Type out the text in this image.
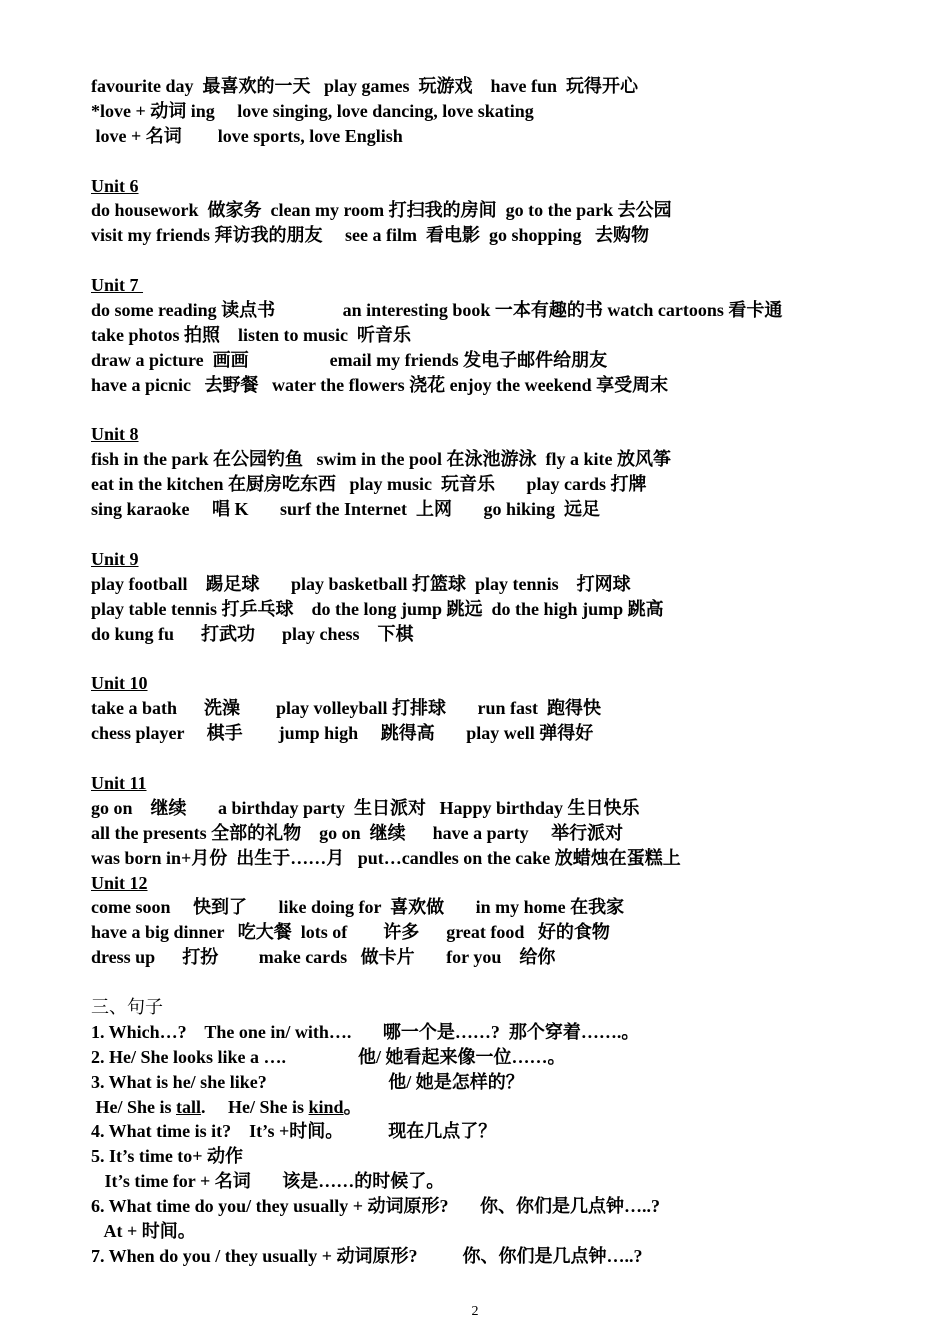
favourite day  最喜欢的一天   play games  玩游戏    have fun  玩得开心
*love + 动词 ing     love singing, love dancing, love skating
love + 名词        love sports, love English
Unit 6
do housework  做家务  clean my room 打扫我的房间  go to the park 去公园
visit my friends 拜访我的朋友     see a film  看电影  go shopping   去购物
Unit 7
do some reading 读点书               an interesting book 一本有趣的书 watch cartoons 看卡通
take photos 拍照    listen to music  听音乐
draw a picture  画画                  email my friends 发电子邮件给朋友
have a picnic   去野餐   water the flowers 浇花 enjoy the weekend 享受周末
Unit 8
fish in the park 在公园钓鱼   swim in the pool 在泳池游泳  fly a kite 放风筝
eat in the kitchen 在厨房吃东西   play music  玩音乐       play cards 打牌
sing karaoke     唱 K       surf the Internet  上网       go hiking  远足
Unit 9
play football    踢足球       play basketball 打篮球  play tennis    打网球
play table tennis 打乒乓球    do the long jump 跳远  do the high jump 跳高
do kung fu      打武功      play chess    下棋
Unit 10
take a bath      洗澡        play volleyball 打排球       run fast  跑得快
chess player     棋手        jump high     跳得高       play well 弹得好
Unit 11
go on    继续       a birthday party  生日派对   Happy birthday 生日快乐
all the presents 全部的礼物    go on  继续      have a party     举行派对
was born in+月份  出生于……月   put…candles on the cake 放蜡烛在蛋糕上
Unit 12
come soon     快到了       like doing for  喜欢做       in my home 在我家
have a big dinner   吃大餐  lots of        许多      great food   好的食物
dress up      打扮         make cards   做卡片       for you    给你
三、句子
1. Which…?    The one in/ with….       哪一个是……?  那个穿着…….。
2. He/ She looks like a ….                他/ 她看起来像一位……。
3. What is he/ she like?                           他/ 她是怎样的？
He/ She is tall.     He/ She is kind。
4. What time is it?    It’s +时间。          现在几点了？
5. It’s time to+ 动作
It’s time for + 名词       该是……的时候了。
6. What time do you/ they usually + 动词原形?       你、你们是几点钟…..?
At + 时间。
7. When do you / they usually + 动词原形?          你、你们是几点钟…..?
2
